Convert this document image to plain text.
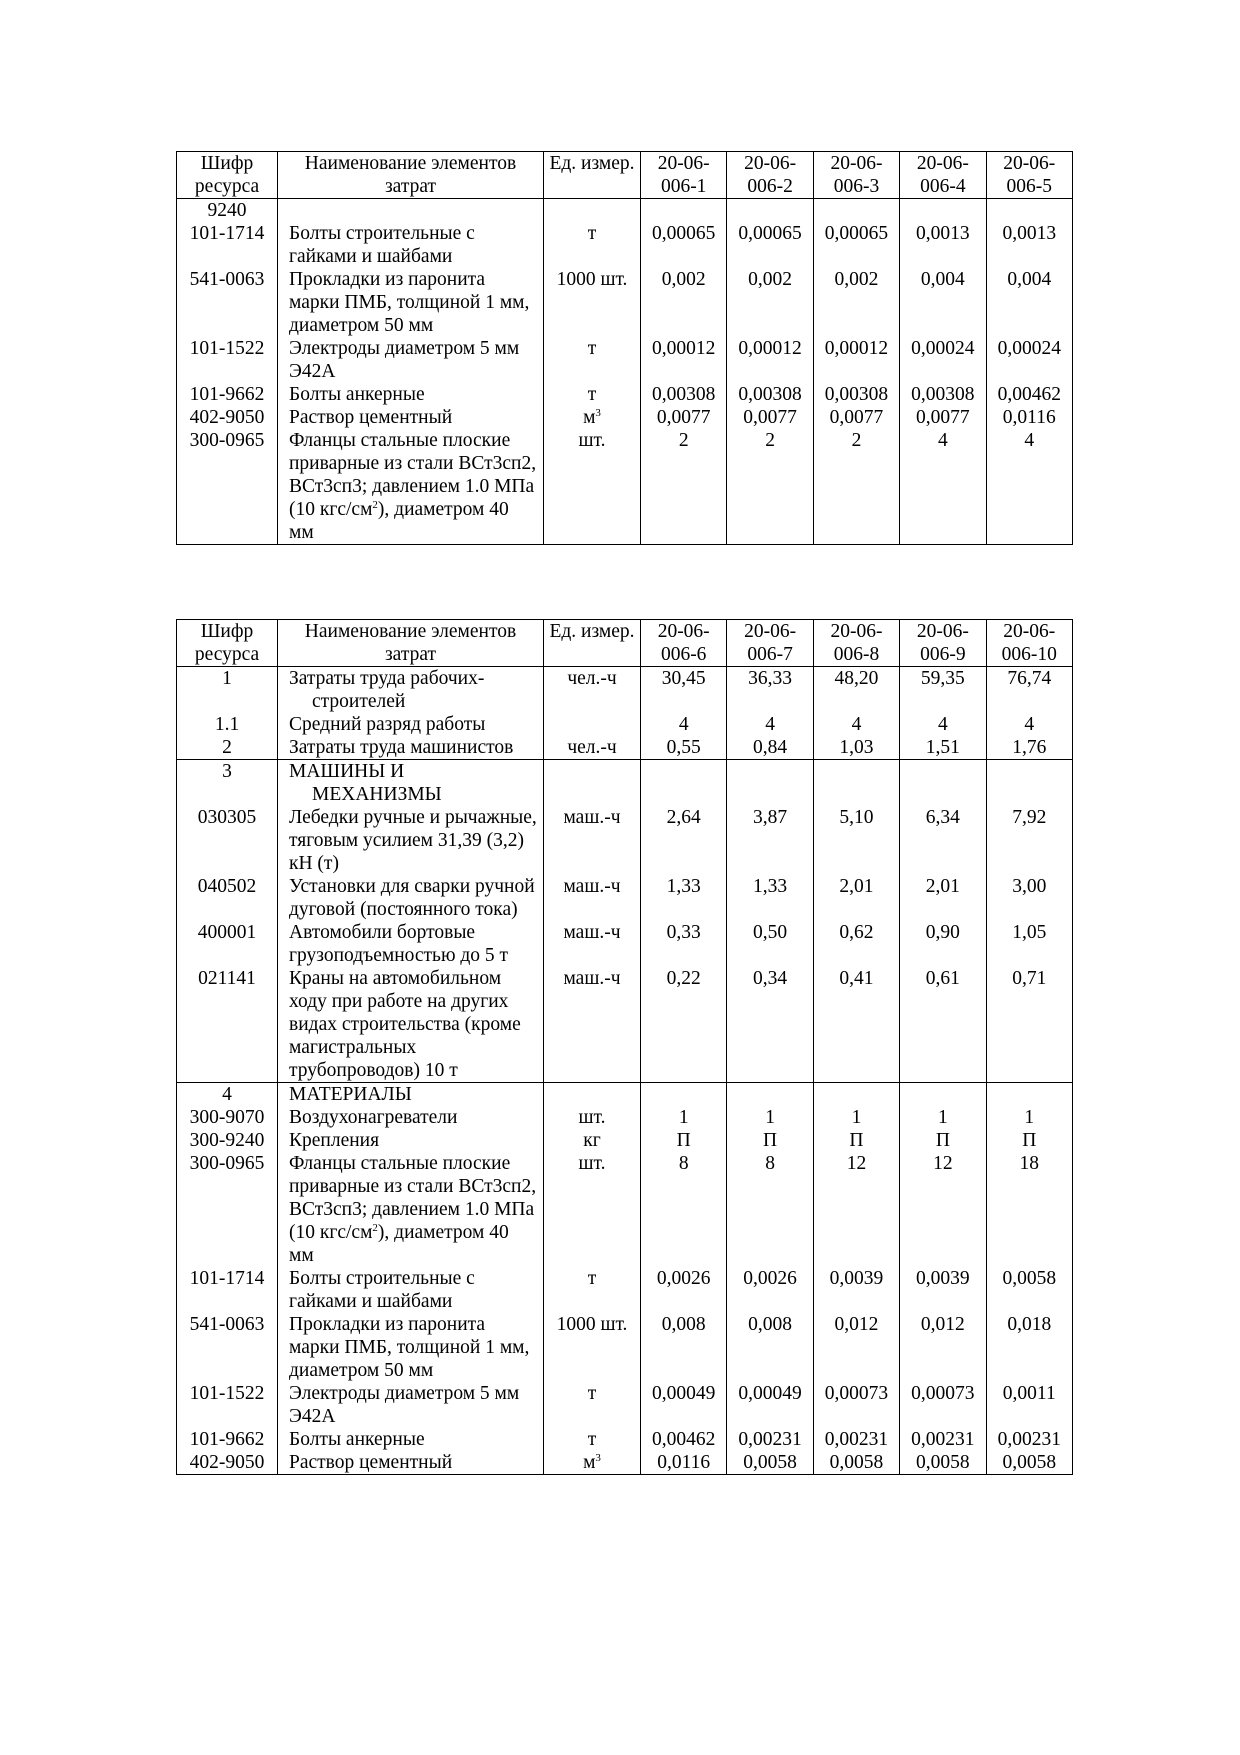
Шифр ресурса	Наименование элементов затрат	Ед. измер.	20-06-006-1	20-06-006-2	20-06-006-3	20-06-006-4	20-06-006-5
9240							
101-1714	Болты строительные с гайками и шайбами	т	0,00065	0,00065	0,00065	0,0013	0,0013
541-0063	Прокладки из паронита марки ПМБ, толщиной 1 мм, диаметром 50 мм	1000 шт.	0,002	0,002	0,002	0,004	0,004
101-1522	Электроды диаметром 5 мм Э42А	т	0,00012	0,00012	0,00012	0,00024	0,00024
101-9662	Болты анкерные	т	0,00308	0,00308	0,00308	0,00308	0,00462
402-9050	Раствор цементный	$м^3$	0,0077	0,0077	0,0077	0,0077	0,0116
300-0965	Фланцы стальные плоские приварные из стали ВСт3сп2, ВСт3сп3; давлением 1.0 МПа (10 кгс/$см^2$), диаметром 40 мм	шт.	2	2	2	4	4
Шифр ресурса	Наименование элементов затрат	Ед. измер.	20-06-006-6	20-06-006-7	20-06-006-8	20-06-006-9	20-06-006-10
1	Затраты труда рабочих-строителей	чел.-ч	30,45	36,33	48,20	59,35	76,74
1.1	Средний разряд работы		4	4	4	4	4
2	Затраты труда машинистов	чел.-ч	0,55	0,84	1,03	1,51	1,76
3	МАШИНЫ И МЕХАНИЗМЫ						
030305	Лебедки ручные и рычажные, тяговым усилием 31,39 (3,2) кН (т)	маш.-ч	2,64	3,87	5,10	6,34	7,92
040502	Установки для сварки ручной дуговой (постоянного тока)	маш.-ч	1,33	1,33	2,01	2,01	3,00
400001	Автомобили бортовые грузоподъемностью до 5 т	маш.-ч	0,33	0,50	0,62	0,90	1,05
021141	Краны на автомобильном ходу при работе на других видах строительства (кроме магистральных трубопроводов) 10 т	маш.-ч	0,22	0,34	0,41	0,61	0,71
4	МАТЕРИАЛЫ						
300-9070	Воздухонагреватели	шт.	1	1	1	1	1
300-9240	Крепления	кг	П	П	П	П	П
300-0965	Фланцы стальные плоские приварные из стали ВСт3сп2, ВСт3сп3; давлением 1.0 МПа (10 кгс/$см^2$), диаметром 40 мм	шт.	8	8	12	12	18
101-1714	Болты строительные с гайками и шайбами	т	0,0026	0,0026	0,0039	0,0039	0,0058
541-0063	Прокладки из паронита марки ПМБ, толщиной 1 мм, диаметром 50 мм	1000 шт.	0,008	0,008	0,012	0,012	0,018
101-1522	Электроды диаметром 5 мм Э42А	т	0,00049	0,00049	0,00073	0,00073	0,0011
101-9662	Болты анкерные	т	0,00462	0,00231	0,00231	0,00231	0,00231
402-9050	Раствор цементный	$м^3$	0,0116	0,0058	0,0058	0,0058	0,0058
